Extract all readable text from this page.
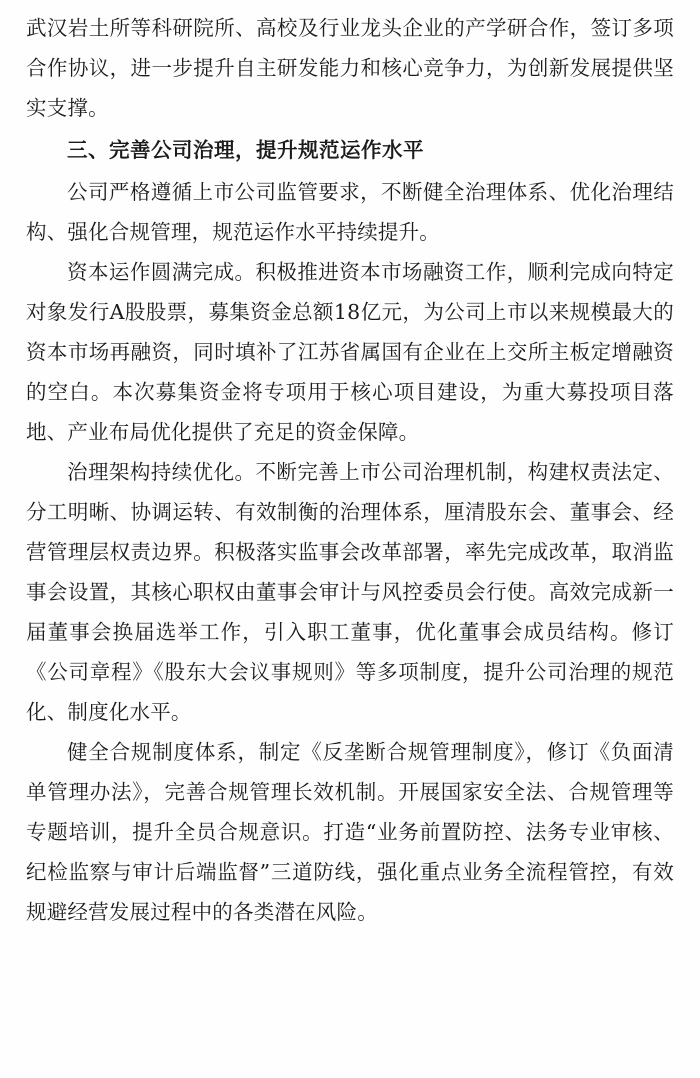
武汉岩土所等科研院所、高校及行业龙头企业的产学研合作，签订多项合作协议，进一步提升自主研发能力和核心竞争力，为创新发展提供坚实支撑。

三、完善公司治理，提升规范运作水平

公司严格遵循上市公司监管要求，不断健全治理体系、优化治理结构、强化合规管理，规范运作水平持续提升。

资本运作圆满完成。积极推进资本市场融资工作，顺利完成向特定对象发行A股股票，募集资金总额18亿元，为公司上市以来规模最大的资本市场再融资，同时填补了江苏省属国有企业在上交所主板定增融资的空白。本次募集资金将专项用于核心项目建设，为重大募投项目落地、产业布局优化提供了充足的资金保障。

治理架构持续优化。不断完善上市公司治理机制，构建权责法定、分工明晰、协调运转、有效制衡的治理体系，厘清股东会、董事会、经营管理层权责边界。积极落实监事会改革部署，率先完成改革，取消监事会设置，其核心职权由董事会审计与风控委员会行使。高效完成新一届董事会换届选举工作，引入职工董事，优化董事会成员结构。修订《公司章程》《股东大会议事规则》等多项制度，提升公司治理的规范化、制度化水平。

健全合规制度体系，制定《反垄断合规管理制度》，修订《负面清单管理办法》，完善合规管理长效机制。开展国家安全法、合规管理等专题培训，提升全员合规意识。打造“业务前置防控、法务专业审核、纪检监察与审计后端监督”三道防线，强化重点业务全流程管控，有效规避经营发展过程中的各类潜在风险。
